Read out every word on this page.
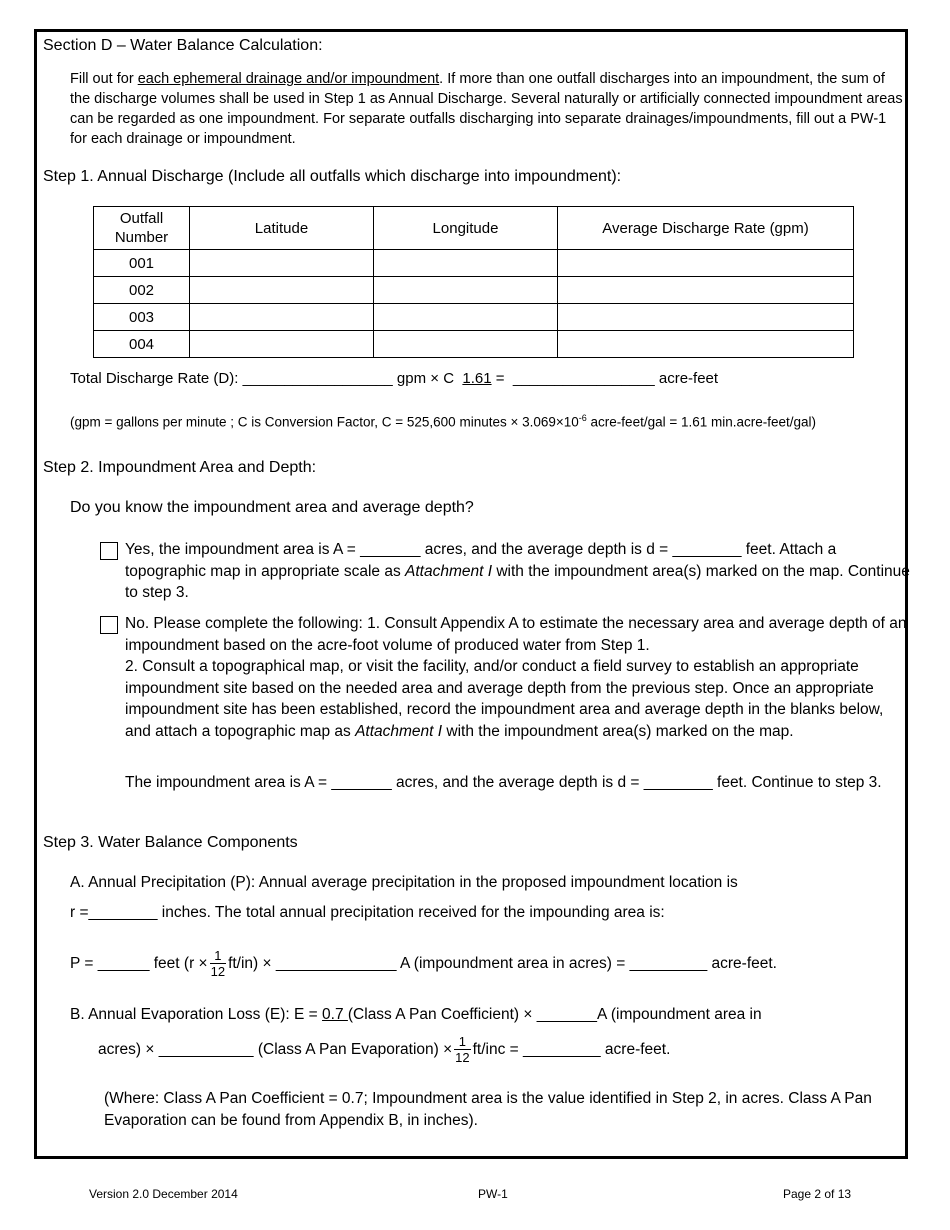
Section D – Water Balance Calculation:
Fill out for each ephemeral drainage and/or impoundment. If more than one outfall discharges into an impoundment, the sum of the discharge volumes shall be used in Step 1 as Annual Discharge. Several naturally or artificially connected impoundment areas can be regarded as one impoundment. For separate outfalls discharging into separate drainages/impoundments, fill out a PW-1 for each drainage or impoundment.
Step 1. Annual Discharge (Include all outfalls which discharge into impoundment):
Outfall Number	Latitude	Longitude	Average Discharge Rate (gpm)
001			
002			
003			
004			
Total Discharge Rate (D): __________________ gpm × C 1.61 = _________________ acre-feet
(gpm = gallons per minute ; C is Conversion Factor, C = 525,600 minutes × $3.069\times 10^{-6}$ acre-feet/gal = 1.61 min.acre-feet/gal)
Step 2. Impoundment Area and Depth:
Do you know the impoundment area and average depth?
Yes, the impoundment area is A = _______ acres, and the average depth is d = ________ feet. Attach a topographic map in appropriate scale as Attachment I with the impoundment area(s) marked on the map. Continue to step 3.
No. Please complete the following: 1. Consult Appendix A to estimate the necessary area and average depth of an impoundment based on the acre-foot volume of produced water from Step 1.
2. Consult a topographical map, or visit the facility, and/or conduct a field survey to establish an appropriate impoundment site based on the needed area and average depth from the previous step. Once an appropriate impoundment site has been established, record the impoundment area and average depth in the blanks below, and attach a topographic map as Attachment I with the impoundment area(s) marked on the map.
The impoundment area is A = _______ acres, and the average depth is d = ________ feet. Continue to step 3.
Step 3. Water Balance Components
A. Annual Precipitation (P): Annual average precipitation in the proposed impoundment location is
r =________ inches. The total annual precipitation received for the impounding area is:
P = ______ feet $(r \times \frac{1}{12} ft/in)$ × ______________ A (impoundment area in acres) = _________ acre-feet.
B. Annual Evaporation Loss (E): E = 0.7 (Class A Pan Coefficient) × _______A (impoundment area in
acres) × ___________ (Class A Pan Evaporation) × $\frac{1}{12} ft/inc$ = _________ acre-feet.
(Where: Class A Pan Coefficient = 0.7; Impoundment area is the value identified in Step 2, in acres. Class A Pan Evaporation can be found from Appendix B, in inches).
Version 2.0 December 2014	PW-1	Page 2 of 13
